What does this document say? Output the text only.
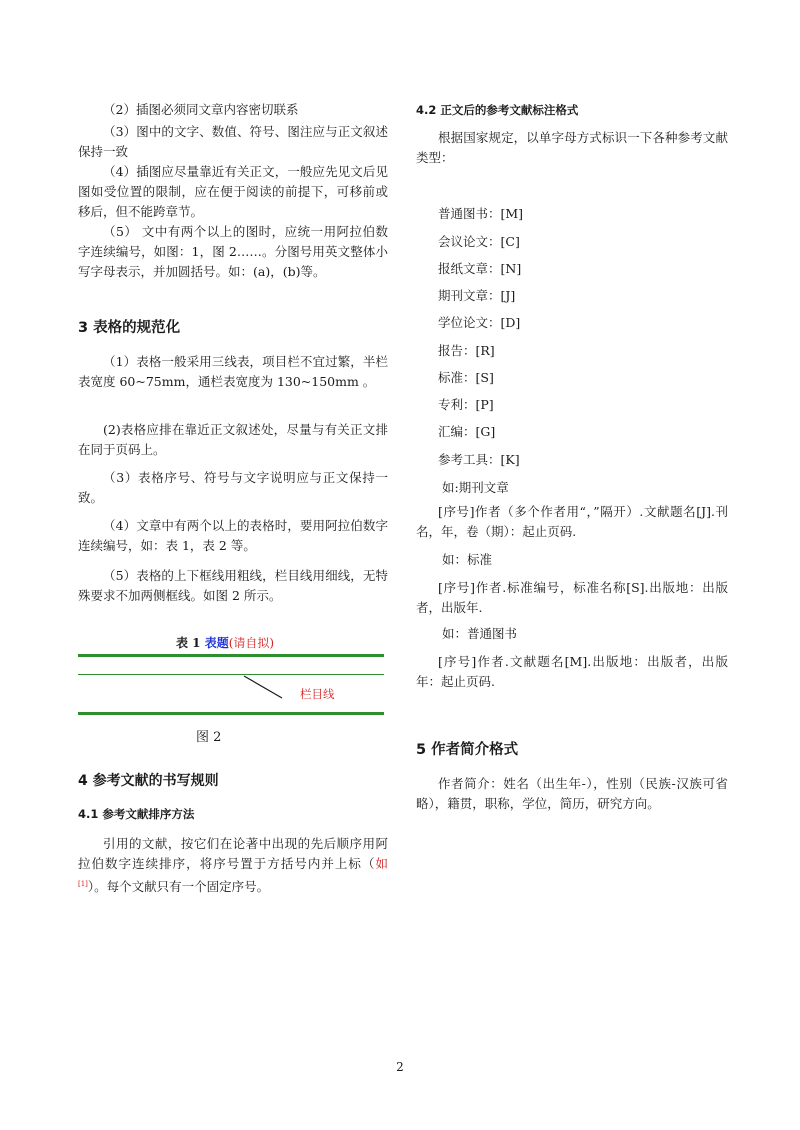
（2）插图必须同文章内容密切联系

（3）图中的文字、数值、符号、图注应与正文叙述保持一致

（4）插图应尽量靠近有关正文，一般应先见文后见图如受位置的限制，应在便于阅读的前提下，可移前或移后，但不能跨章节。

（5） 文中有两个以上的图时，应统一用阿拉伯数字连续编号，如图：1，图 2……。分图号用英文整体小写字母表示，并加圆括号。如：(a)，(b)等。

3 表格的规范化

（1）表格一般采用三线表，项目栏不宜过繁，半栏表宽度 60~75mm，通栏表宽度为 130~150mm 。

(2)表格应排在靠近正文叙述处，尽量与有关正文排在同于页码上。

（3）表格序号、符号与文字说明应与正文保持一致。

（4）文章中有两个以上的表格时，要用阿拉伯数字连续编号，如：表 1，表 2 等。

（5）表格的上下框线用粗线，栏目线用细线，无特殊要求不加两侧框线。如图 2 所示。

表 1 表题(请自拟)
栏目线
图 2
4 参考文献的书写规则
4.1 参考文献排序方法

引用的文献，按它们在论著中出现的先后顺序用阿拉伯数字连续排序，将序号置于方括号内并上标（如[1]）。每个文献只有一个固定序号。

4.2 正文后的参考文献标注格式

根据国家规定，以单字母方式标识一下各种参考文献类型：

普通图书：[M]
会议论文：[C]
报纸文章：[N]
期刊文章：[J]
学位论文：[D]
报告：[R]
标准：[S]
专利：[P]
汇编：[G]
参考工具：[K]
如:期刊文章

[序号]作者（多个作者用“，”隔开）.文献题名[J].刊名，年，卷（期）：起止页码.

如：标准

[序号]作者.标准编号，标准名称[S].出版地：出版者，出版年.

如：普通图书

[序号]作者.文献题名[M].出版地：出版者，出版年：起止页码.

5 作者简介格式

作者简介：姓名（出生年-），性别（民族-汉族可省略），籍贯，职称，学位，简历，研究方向。

2
